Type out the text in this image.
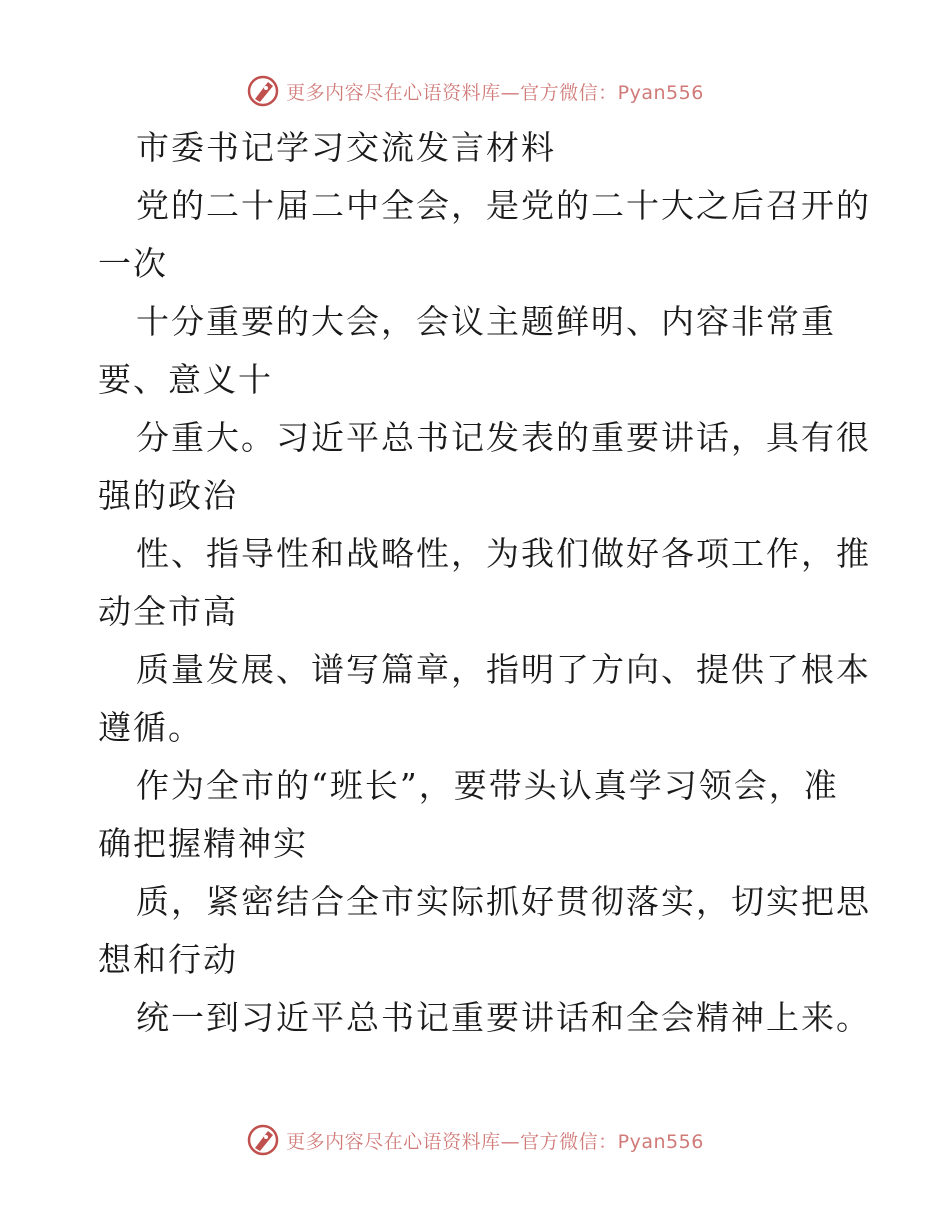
更多内容尽在心语资料库—官方微信：Pyan556
市委书记学习交流发言材料
党的二十届二中全会，是党的二十大之后召开的
一次
十分重要的大会，会议主题鲜明、内容非常重
要、意义十
分重大。习近平总书记发表的重要讲话，具有很
强的政治
性、指导性和战略性，为我们做好各项工作，推
动全市高
质量发展、谱写篇章，指明了方向、提供了根本
遵循。
作为全市的“班长”，要带头认真学习领会，准
确把握精神实
质，紧密结合全市实际抓好贯彻落实，切实把思
想和行动
统一到习近平总书记重要讲话和全会精神上来。
更多内容尽在心语资料库—官方微信：Pyan556
